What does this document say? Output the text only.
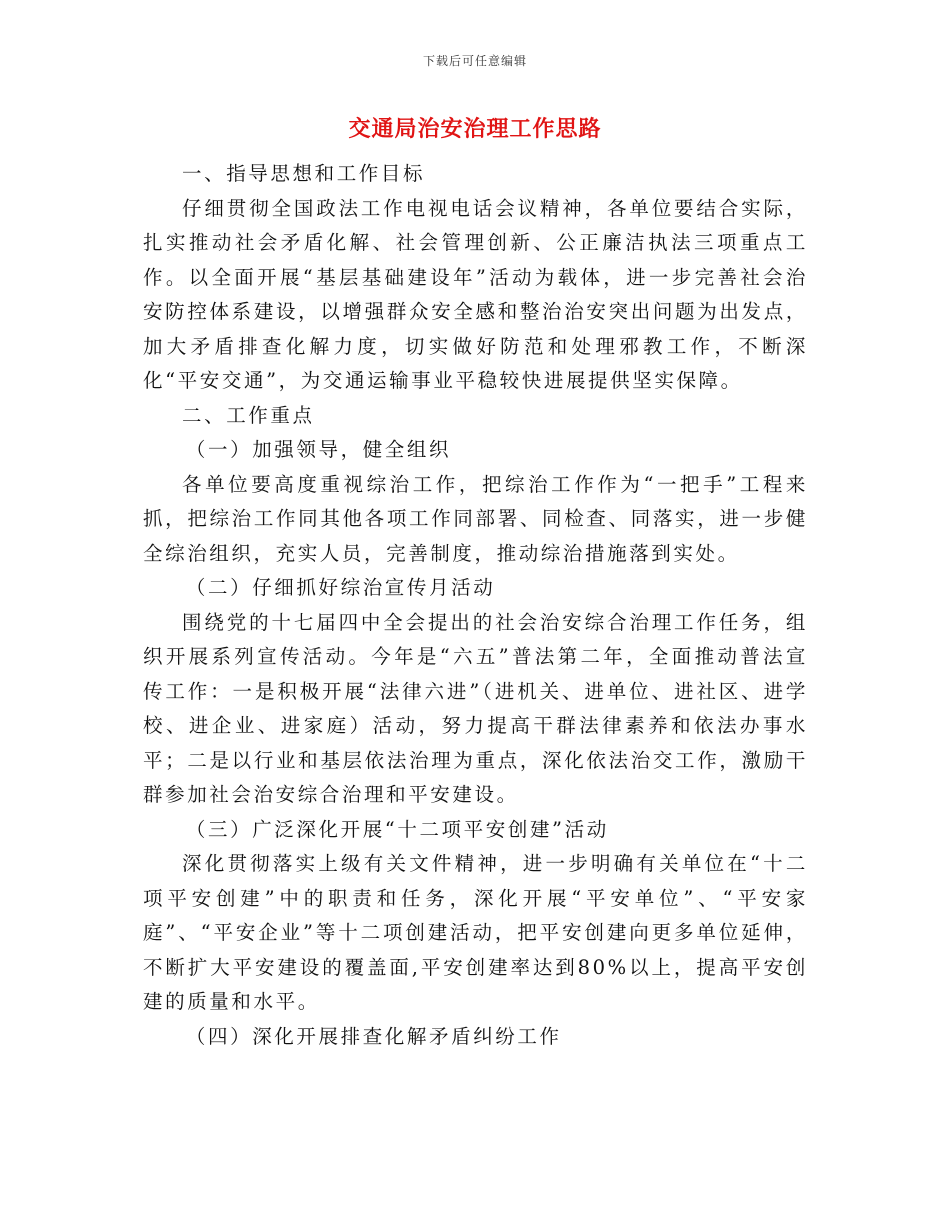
下载后可任意编辑
交通局治安治理工作思路

一、指导思想和工作目标

仔细贯彻全国政法工作电视电话会议精神，各单位要结合实际，扎实推动社会矛盾化解、社会管理创新、公正廉洁执法三项重点工作。以全面开展“基层基础建设年”活动为载体，进一步完善社会治安防控体系建设，以增强群众安全感和整治治安突出问题为出发点，加大矛盾排查化解力度，切实做好防范和处理邪教工作，不断深化“平安交通”，为交通运输事业平稳较快进展提供坚实保障。

二、工作重点

（一）加强领导，健全组织

各单位要高度重视综治工作，把综治工作作为“一把手”工程来抓，把综治工作同其他各项工作同部署、同检查、同落实，进一步健全综治组织，充实人员，完善制度，推动综治措施落到实处。

（二）仔细抓好综治宣传月活动

围绕党的十七届四中全会提出的社会治安综合治理工作任务，组织开展系列宣传活动。今年是“六五”普法第二年，全面推动普法宣传工作：一是积极开展“法律六进”（进机关、进单位、进社区、进学校、进企业、进家庭）活动，努力提高干群法律素养和依法办事水平；二是以行业和基层依法治理为重点，深化依法治交工作，激励干群参加社会治安综合治理和平安建设。

（三）广泛深化开展“十二项平安创建”活动

深化贯彻落实上级有关文件精神，进一步明确有关单位在“十二项平安创建”中的职责和任务，深化开展“平安单位”、“平安家庭”、“平安企业”等十二项创建活动，把平安创建向更多单位延伸，不断扩大平安建设的覆盖面,平安创建率达到80%以上，提高平安创建的质量和水平。

（四）深化开展排查化解矛盾纠纷工作
